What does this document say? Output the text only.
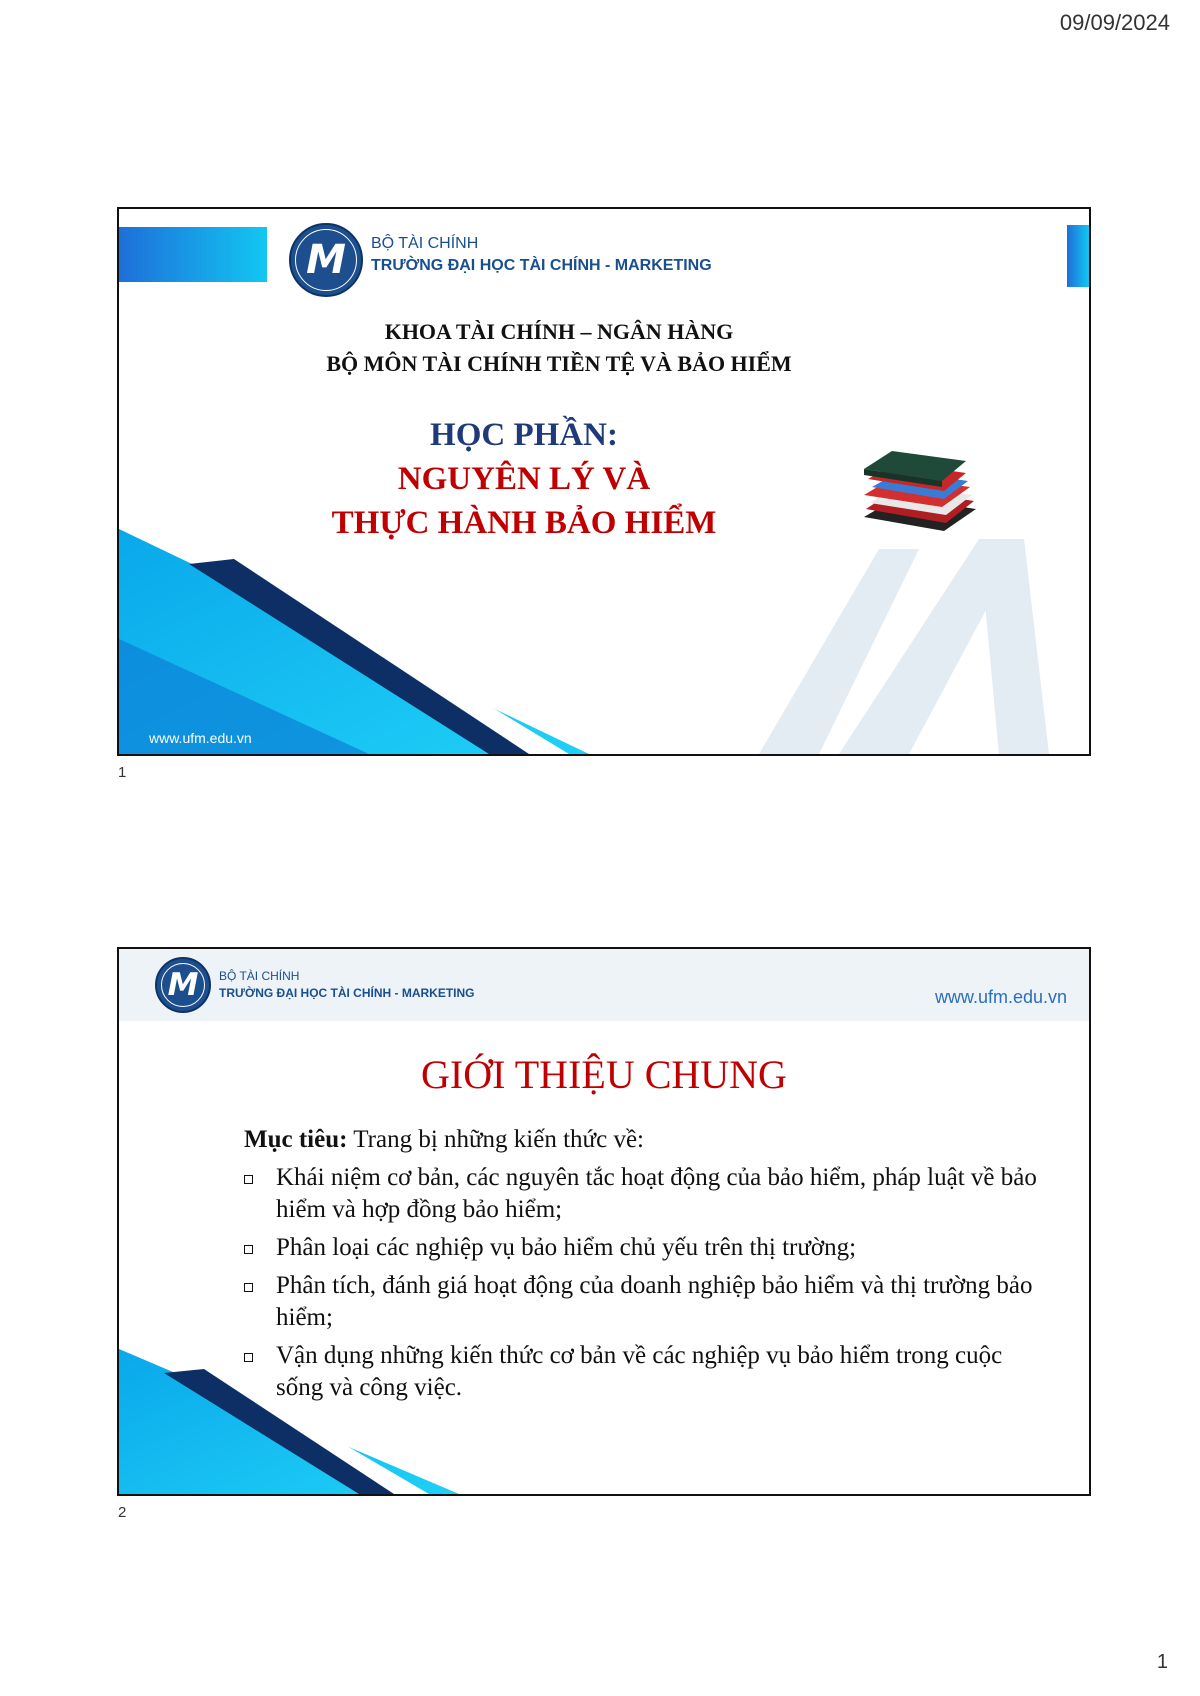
09/09/2024
M	BỘ TÀI CHÍNH
TRƯỜNG ĐẠI HỌC TÀI CHÍNH - MARKETING
KHOA TÀI CHÍNH – NGÂN HÀNG
BỘ MÔN TÀI CHÍNH TIỀN TỆ VÀ BẢO HIỂM
HỌC PHẦN:
NGUYÊN LÝ VÀ
THỰC HÀNH BẢO HIỂM
www.ufm.edu.vn
1
M	BỘ TÀI CHÍNH
TRƯỜNG ĐẠI HỌC TÀI CHÍNH - MARKETING	www.ufm.edu.vn
GIỚI THIỆU CHUNG
Mục tiêu: Trang bị những kiến thức về:
Khái niệm cơ bản, các nguyên tắc hoạt động của bảo hiểm, pháp luật về bảo hiểm và hợp đồng bảo hiểm;
Phân loại các nghiệp vụ bảo hiểm chủ yếu trên thị trường;
Phân tích, đánh giá hoạt động của doanh nghiệp bảo hiểm và thị trường bảo hiểm;
Vận dụng những kiến thức cơ bản về các nghiệp vụ bảo hiểm trong cuộc sống và công việc.
2
1
